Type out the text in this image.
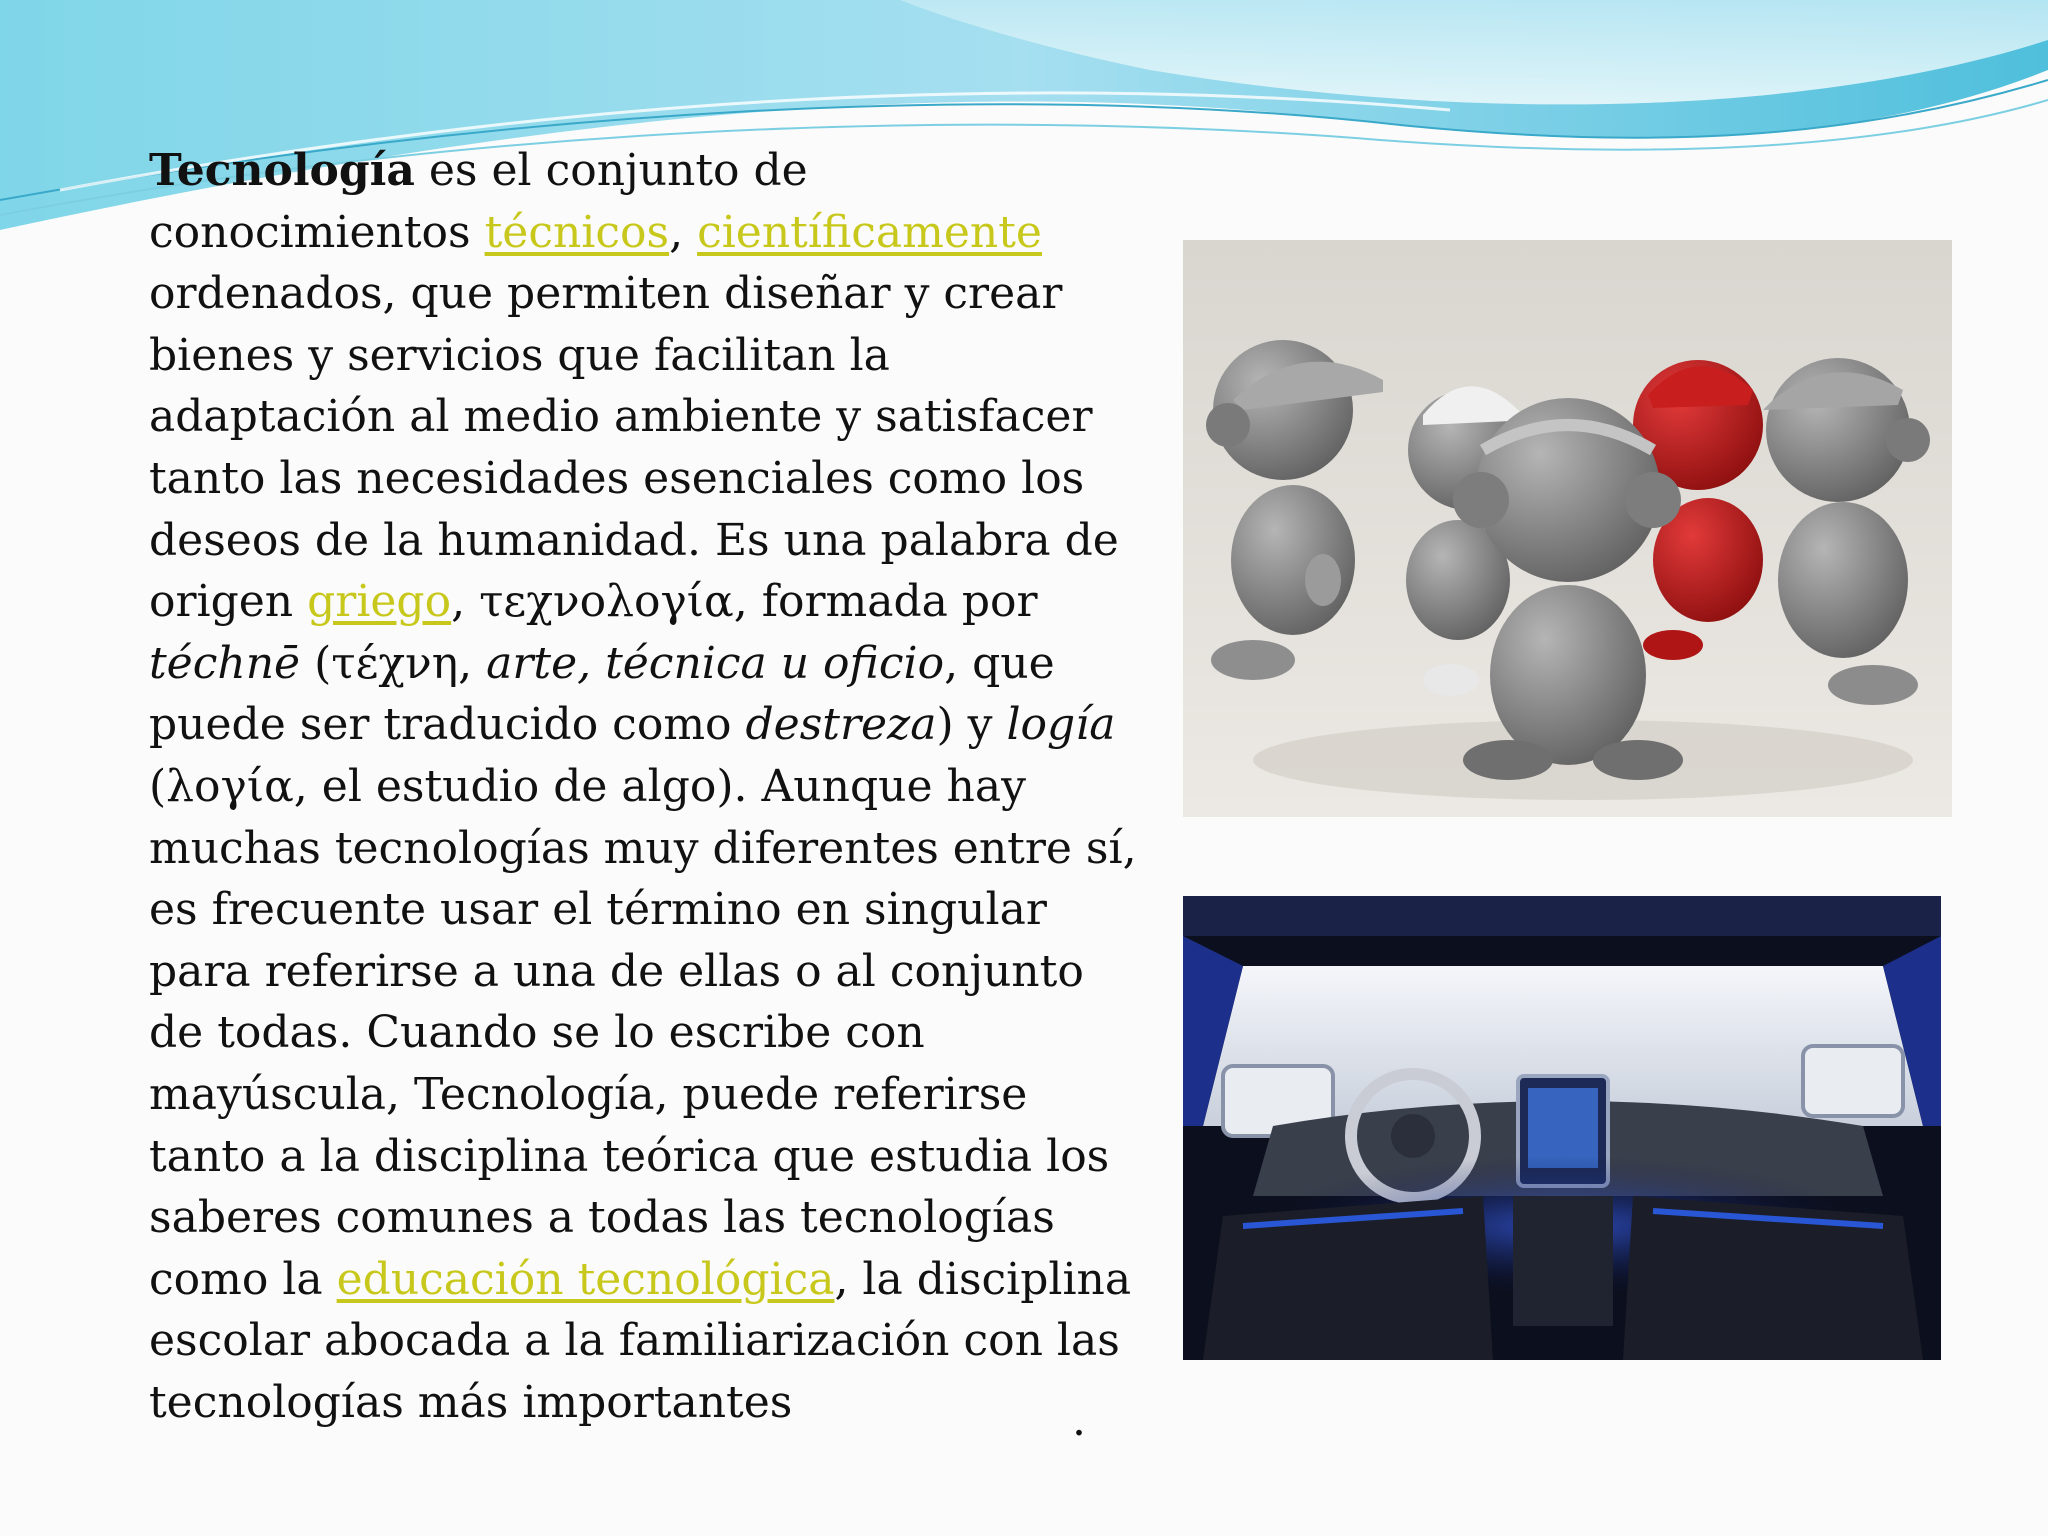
Tecnología es el conjunto de conocimientos técnicos, científicamente ordenados, que permiten diseñar y crear bienes y servicios que facilitan la adaptación al medio ambiente y satisfacer tanto las necesidades esenciales como los deseos de la humanidad. Es una palabra de origen griego, τεχνολογία, formada por téchnē (τέχνη, arte, técnica u oficio, que puede ser traducido como destreza) y logía (λογία, el estudio de algo). Aunque hay muchas tecnologías muy diferentes entre sí, es frecuente usar el término en singular para referirse a una de ellas o al conjunto de todas. Cuando se lo escribe con mayúscula, Tecnología, puede referirse tanto a la disciplina teórica que estudia los saberes comunes a todas las tecnologías como la educación tecnológica, la disciplina escolar abocada a la familiarización con las tecnologías más importantes	.
